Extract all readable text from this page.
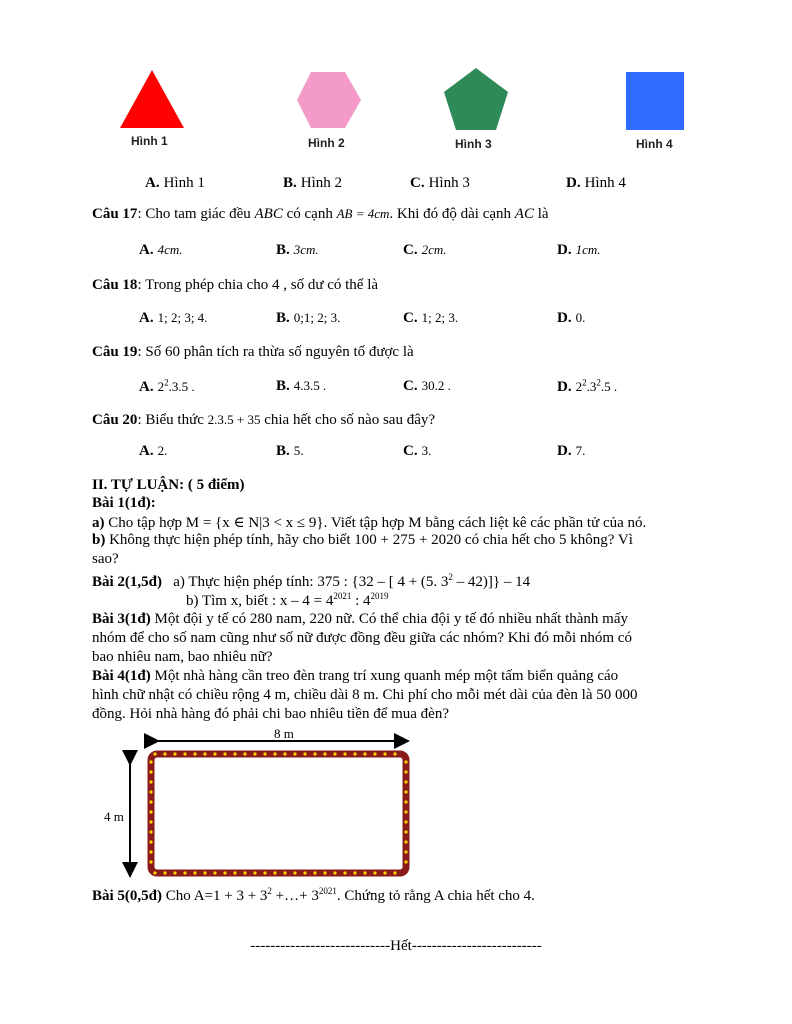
Hình 1	Hình 2	Hình 3	Hình 4
A. Hình 1	B. Hình 2	C. Hình 3	D. Hình 4
Câu 17: Cho tam giác đều ABC có cạnh AB = 4cm. Khi đó độ dài cạnh AC là
A. 4cm.	B. 3cm.	C. 2cm.	D. 1cm.
Câu 18: Trong phép chia cho 4 , số dư có thể là
A. 1; 2; 3; 4.	B. 0;1; 2; 3.	C. 1; 2; 3.	D. 0.
Câu 19: Số 60 phân tích ra thừa số nguyên tố được là
A. $2^2.3.5$ .	B. 4.3.5 .	C. 30.2 .	D. $2^2.3^2.5$ .
Câu 20: Biểu thức 2.3.5 + 35 chia hết cho số nào sau đây?
A. 2.	B. 5.	C. 3.	D. 7.
II. TỰ LUẬN: ( 5 điểm)
Bài 1(1đ):
a) Cho tập hợp M = {x ∈ N|3 < x ≤ 9}. Viết tập hợp M bằng cách liệt kê các phần tử của nó.
b) Không thực hiện phép tính, hãy cho biết 100 + 275 + 2020 có chia hết cho 5 không? Vì
sao?
Bài 2(1,5đ) a) Thực hiện phép tính: 375 : {32 – [ 4 + (5. $3^2 - 42)]\} - 14$
b) Tìm x, biết : $x - 4 = 4^{2021}$ : $4^{2019}$
Bài 3(1đ) Một đội y tế có 280 nam, 220 nữ. Có thể chia đội y tế đó nhiều nhất thành mấy
nhóm để cho số nam cũng như số nữ được đồng đều giữa các nhóm? Khi đó mỗi nhóm có
bao nhiêu nam, bao nhiêu nữ?
Bài 4(1đ) Một nhà hàng cần treo đèn trang trí xung quanh mép một tấm biển quảng cáo
hình chữ nhật có chiều rộng 4 m, chiều dài 8 m. Chi phí cho mỗi mét dài của đèn là 50 000
đồng. Hỏi nhà hàng đó phải chi bao nhiêu tiền để mua đèn?
8 m
4 m
Bài 5(0,5đ) Cho $A=1 + 3 + 3^2$ +…+ $3^{2021}$. Chứng tỏ rằng A chia hết cho 4.
----------------------------Hết--------------------------
